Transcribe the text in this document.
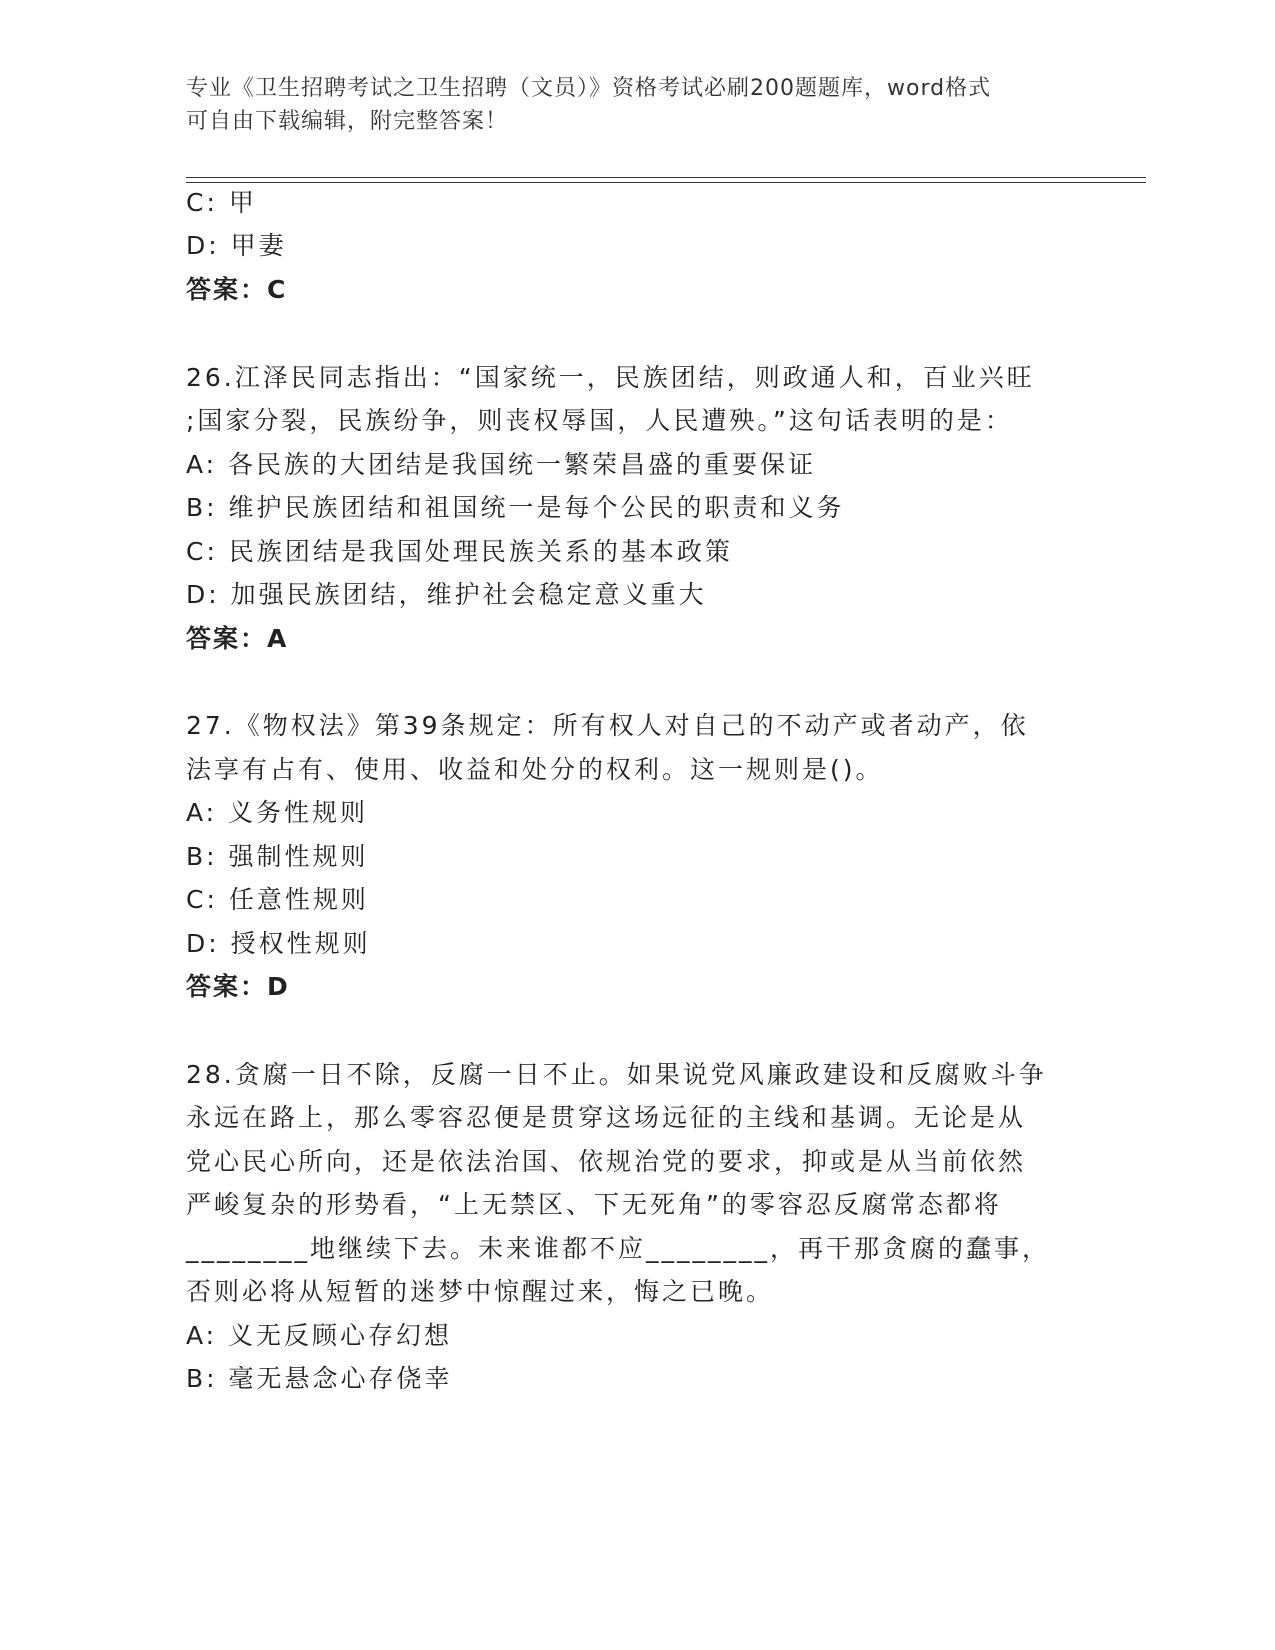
专业《卫生招聘考试之卫生招聘（文员）》资格考试必刷200题题库，word格式
可自由下载编辑，附完整答案！
C: 甲
D: 甲妻
答案：C
26.江泽民同志指出：“国家统一，民族团结，则政通人和，百业兴旺
;国家分裂，民族纷争，则丧权辱国，人民遭殃。”这句话表明的是：
A: 各民族的大团结是我国统一繁荣昌盛的重要保证
B: 维护民族团结和祖国统一是每个公民的职责和义务
C: 民族团结是我国处理民族关系的基本政策
D: 加强民族团结，维护社会稳定意义重大
答案：A
27.《物权法》第39条规定：所有权人对自己的不动产或者动产，依
法享有占有、使用、收益和处分的权利。这一规则是()。
A: 义务性规则
B: 强制性规则
C: 任意性规则
D: 授权性规则
答案：D
28.贪腐一日不除，反腐一日不止。如果说党风廉政建设和反腐败斗争
永远在路上，那么零容忍便是贯穿这场远征的主线和基调。无论是从
党心民心所向，还是依法治国、依规治党的要求，抑或是从当前依然
严峻复杂的形势看，“上无禁区、下无死角”的零容忍反腐常态都将
________地继续下去。未来谁都不应________，再干那贪腐的蠢事，
否则必将从短暂的迷梦中惊醒过来，悔之已晚。
A: 义无反顾心存幻想
B: 毫无悬念心存侥幸
